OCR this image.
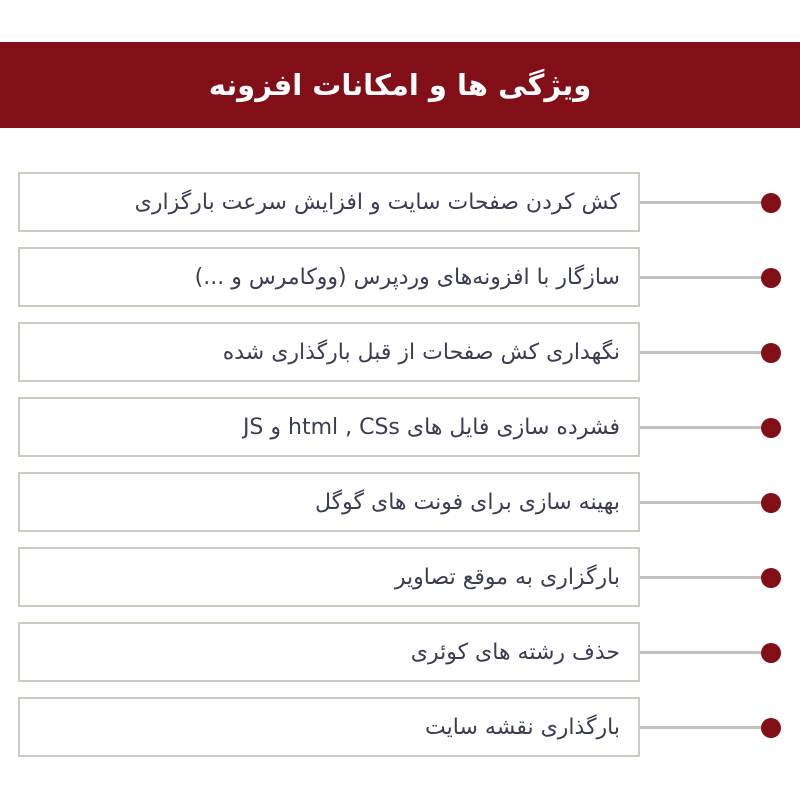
ویژگی ها و امکانات افزونه
کش کردن صفحات سایت و افزایش سرعت بارگزاری
سازگار با افزونه‌های وردپرس (ووکامرس و ...)
نگهداری کش صفحات از قبل بارگذاری شده
فشرده سازی فایل های html , CSs و JS
بهینه سازی برای فونت های گوگل
بارگزاری به موقع تصاویر
حذف رشته های کوئری
بارگذاری نقشه سایت
